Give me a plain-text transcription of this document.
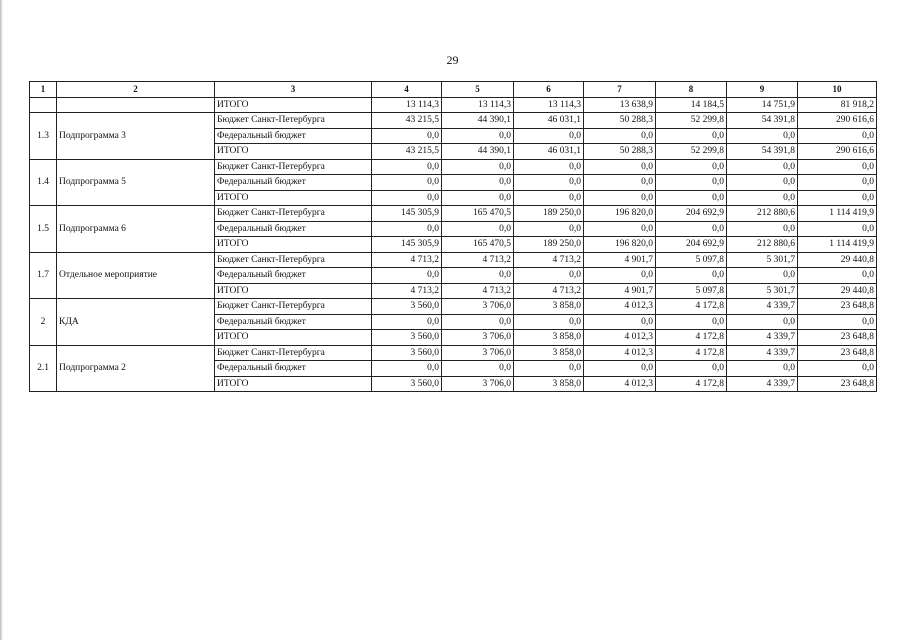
29
1	2	3	4	5	6	7	8	9	10
		ИТОГО	13 114,3	13 114,3	13 114,3	13 638,9	14 184,5	14 751,9	81 918,2
1.3	Подпрограмма 3	Бюджет Санкт-Петербурга	43 215,5	44 390,1	46 031,1	50 288,3	52 299,8	54 391,8	290 616,6
		Федеральный бюджет	0,0	0,0	0,0	0,0	0,0	0,0	0,0
		ИТОГО	43 215,5	44 390,1	46 031,1	50 288,3	52 299,8	54 391,8	290 616,6
1.4	Подпрограмма 5	Бюджет Санкт-Петербурга	0,0	0,0	0,0	0,0	0,0	0,0	0,0
		Федеральный бюджет	0,0	0,0	0,0	0,0	0,0	0,0	0,0
		ИТОГО	0,0	0,0	0,0	0,0	0,0	0,0	0,0
1.5	Подпрограмма 6	Бюджет Санкт-Петербурга	145 305,9	165 470,5	189 250,0	196 820,0	204 692,9	212 880,6	1 114 419,9
		Федеральный бюджет	0,0	0,0	0,0	0,0	0,0	0,0	0,0
		ИТОГО	145 305,9	165 470,5	189 250,0	196 820,0	204 692,9	212 880,6	1 114 419,9
1.7	Отдельное мероприятие	Бюджет Санкт-Петербурга	4 713,2	4 713,2	4 713,2	4 901,7	5 097,8	5 301,7	29 440,8
		Федеральный бюджет	0,0	0,0	0,0	0,0	0,0	0,0	0,0
		ИТОГО	4 713,2	4 713,2	4 713,2	4 901,7	5 097,8	5 301,7	29 440,8
2	КДА	Бюджет Санкт-Петербурга	3 560,0	3 706,0	3 858,0	4 012,3	4 172,8	4 339,7	23 648,8
		Федеральный бюджет	0,0	0,0	0,0	0,0	0,0	0,0	0,0
		ИТОГО	3 560,0	3 706,0	3 858,0	4 012,3	4 172,8	4 339,7	23 648,8
2.1	Подпрограмма 2	Бюджет Санкт-Петербурга	3 560,0	3 706,0	3 858,0	4 012,3	4 172,8	4 339,7	23 648,8
		Федеральный бюджет	0,0	0,0	0,0	0,0	0,0	0,0	0,0
		ИТОГО	3 560,0	3 706,0	3 858,0	4 012,3	4 172,8	4 339,7	23 648,8
